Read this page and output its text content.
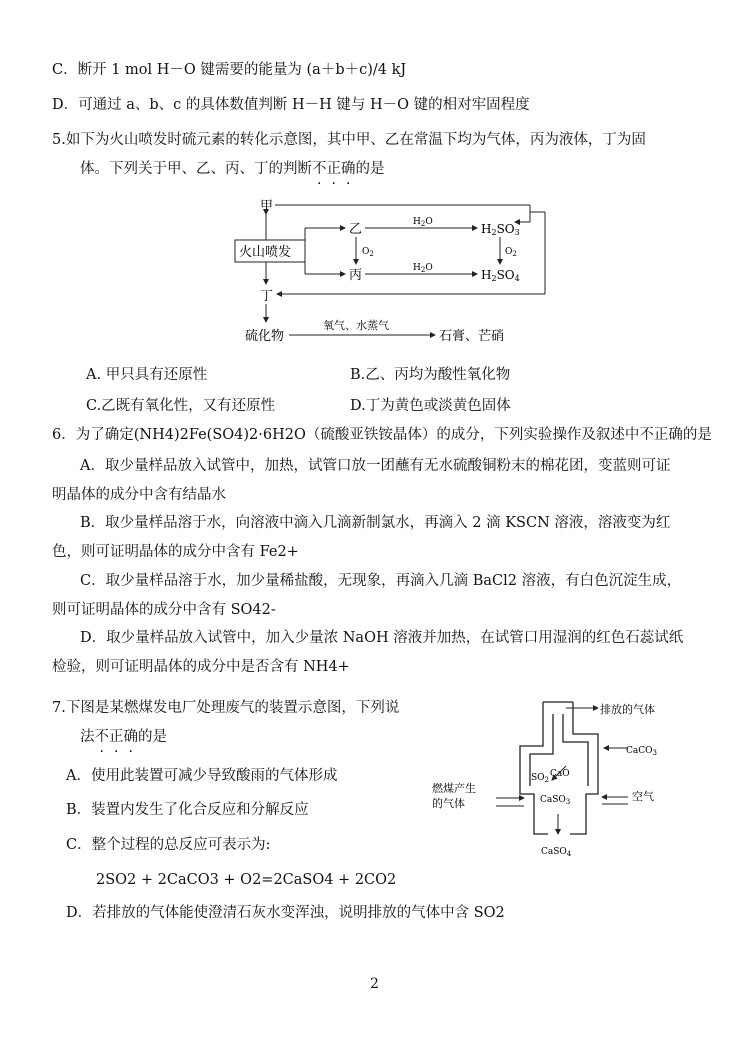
C．断开 1 mol H－O 键需要的能量为 (a＋b＋c)/4 kJ
D．可通过 a、b、c 的具体数值判断 H－H 键与 H－O 键的相对牢固程度
5.如下为火山喷发时硫元素的转化示意图，其中甲、乙在常温下均为气体，丙为液体，丁为固
体。下列关于甲、乙、丙、丁的判断不正确的是
甲
火山喷发
乙
丙
$O_2$
$H_2O$	H2SO3
$H_2O$	H2SO4
$O_2$
丁
硫化物
氧气、水蒸气
石膏、芒硝
A. 甲只具有还原性	B.乙、丙均为酸性氧化物
C.乙既有氧化性，又有还原性	D.丁为黄色或淡黄色固体
6．为了确定(NH4)2Fe(SO4)2·6H2O（硫酸亚铁铵晶体）的成分，下列实验操作及叙述中不正确的是
A．取少量样品放入试管中，加热，试管口放一团蘸有无水硫酸铜粉末的棉花团，变蓝则可证
明晶体的成分中含有结晶水
B．取少量样品溶于水，向溶液中滴入几滴新制氯水，再滴入 2 滴 KSCN 溶液，溶液变为红
色，则可证明晶体的成分中含有 Fe2+
C．取少量样品溶于水，加少量稀盐酸，无现象，再滴入几滴 BaCl2 溶液，有白色沉淀生成，
则可证明晶体的成分中含有 SO42-
D．取少量样品放入试管中，加入少量浓 NaOH 溶液并加热，在试管口用湿润的红色石蕊试纸
检验，则可证明晶体的成分中是否含有 NH4+
7.下图是某燃煤发电厂处理废气的装置示意图，下列说
法不正确的是
A．使用此装置可减少导致酸雨的气体形成
B．装置内发生了化合反应和分解反应
C．整个过程的总反应可表示为:
2SO2 + 2CaCO3 + O2=2CaSO4 + 2CO2
D．若排放的气体能使澄清石灰水变浑浊，说明排放的气体中含 SO2
排放的气体
CaCO$_3$
CaO
$SO_2$
燃煤产生
的气体	CaSO$_3$	空气
CaSO$_4$
2
